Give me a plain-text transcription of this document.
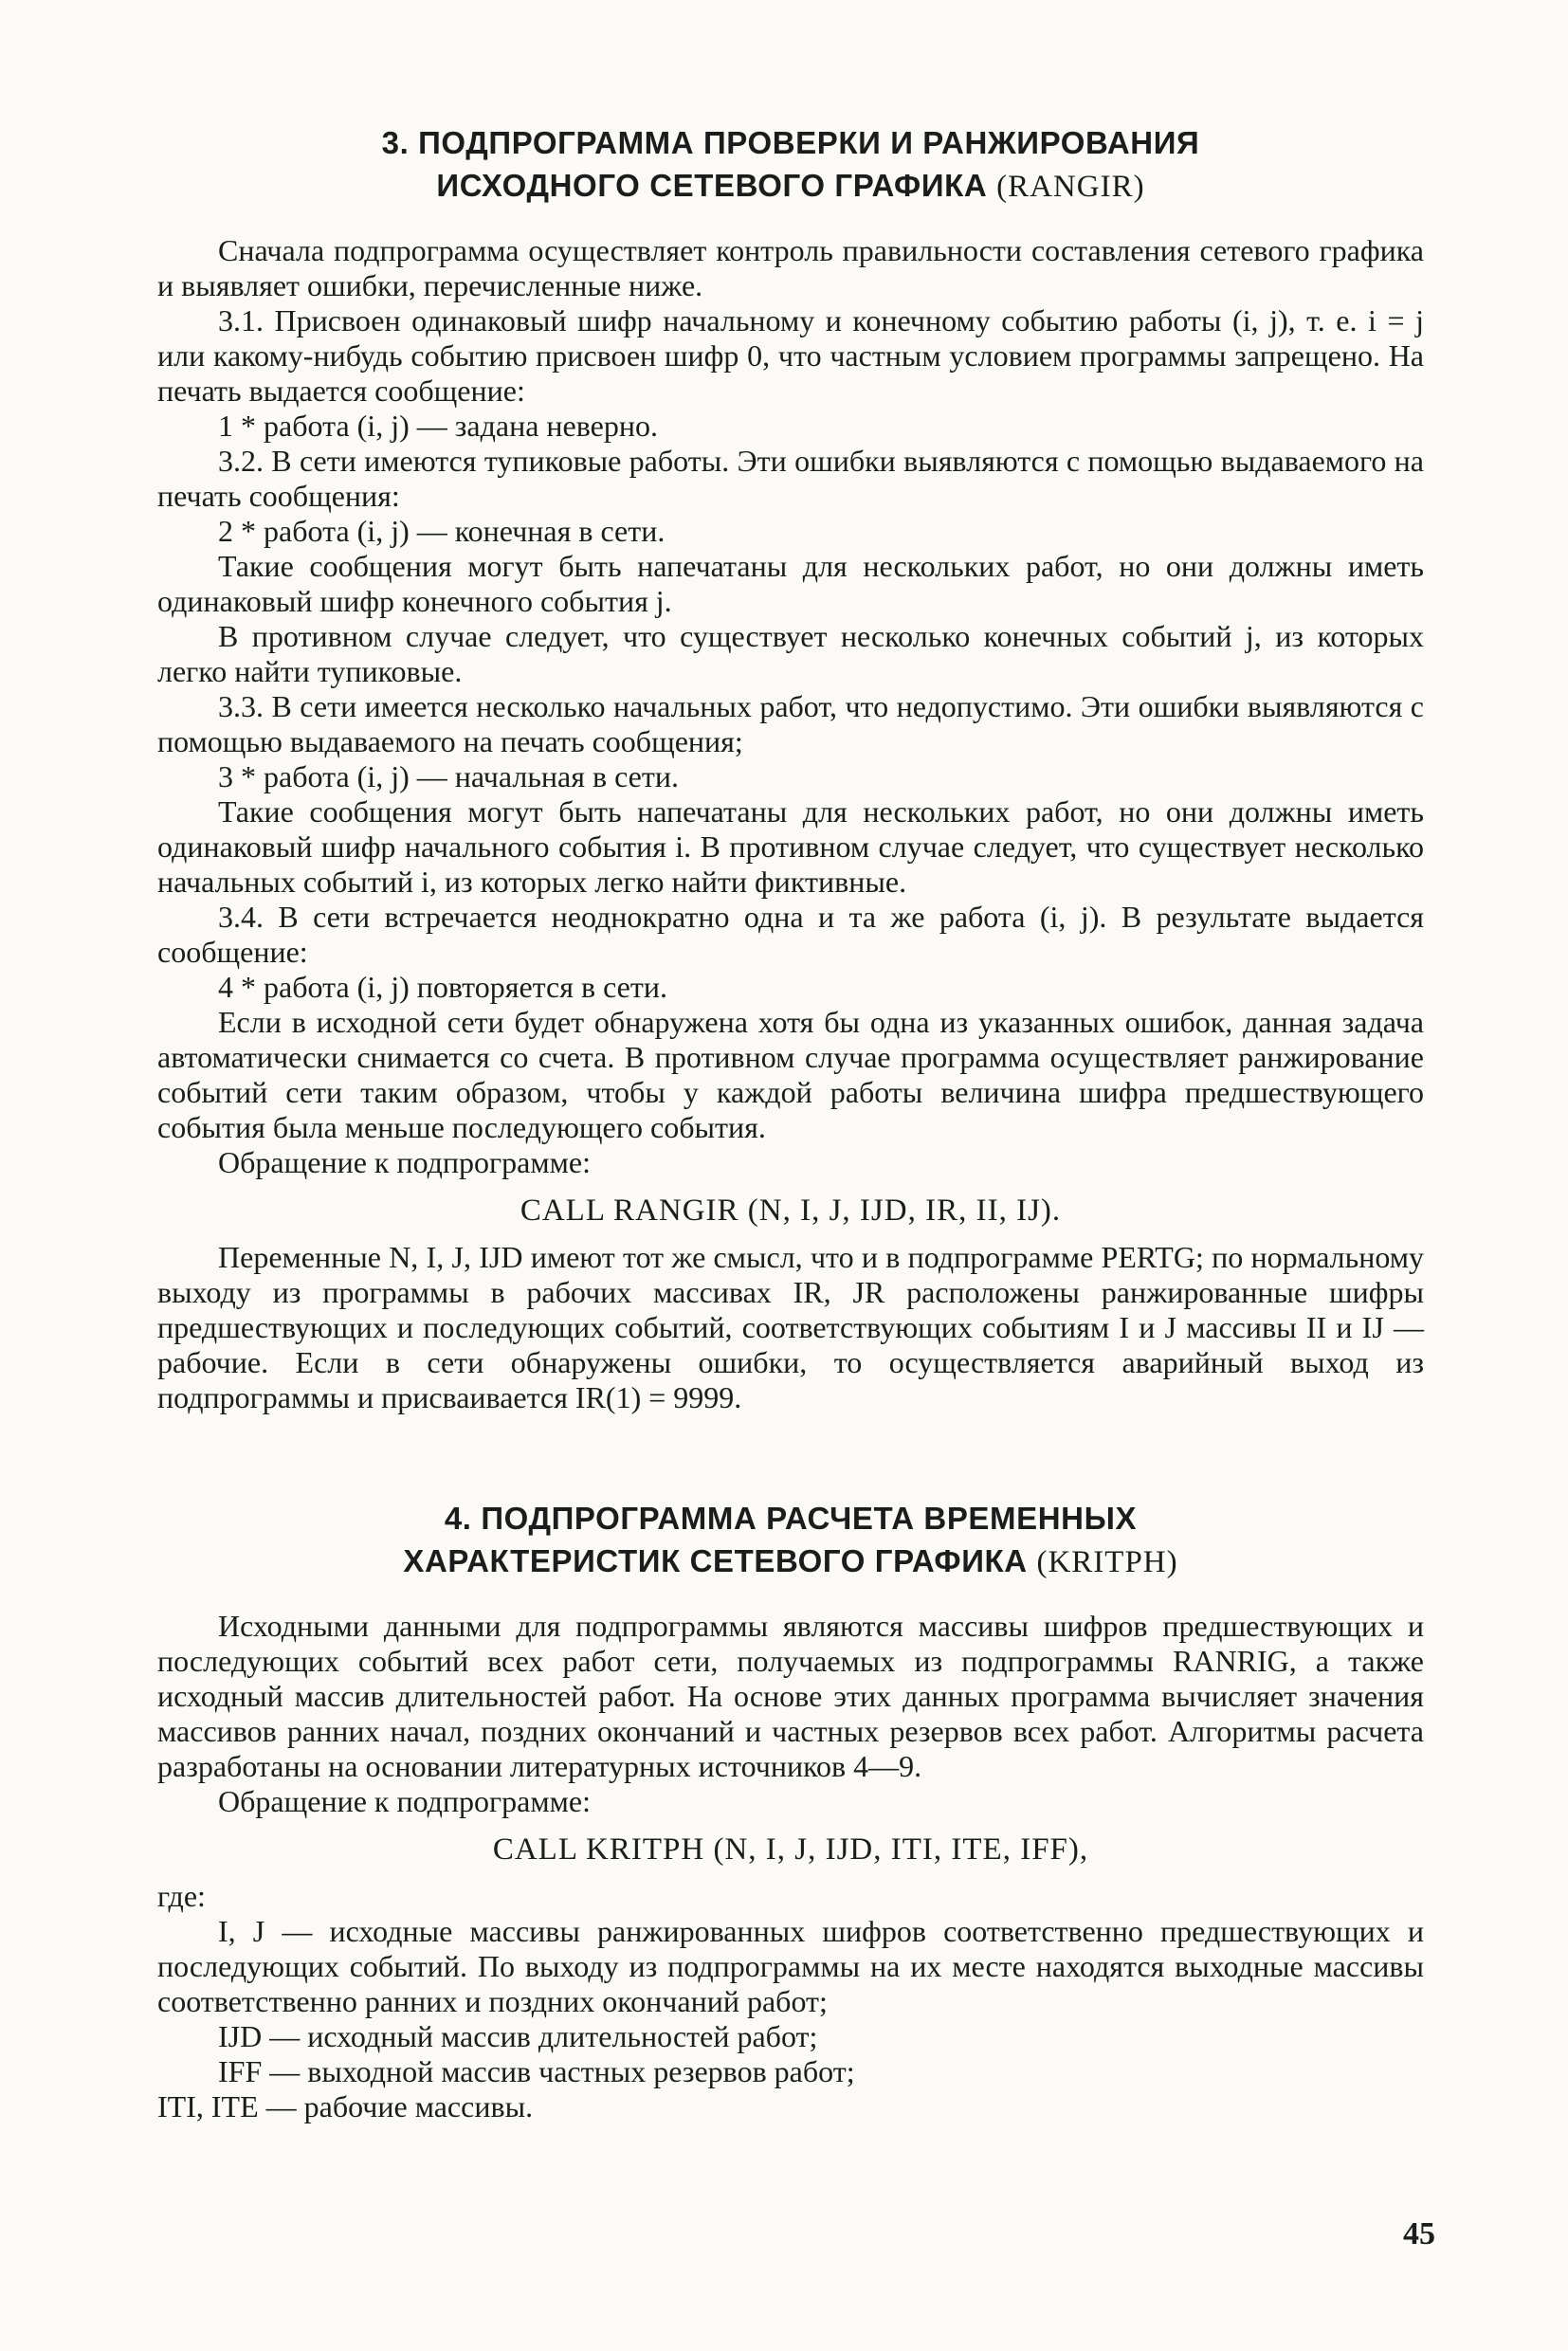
3. ПОДПРОГРАММА ПРОВЕРКИ И РАНЖИРОВАНИЯ
ИСХОДНОГО СЕТЕВОГО ГРАФИКА (RANGIR)

Сначала подпрограмма осуществляет контроль правильности составления сетевого графика и выявляет ошибки, перечисленные ниже.

3.1. Присвоен одинаковый шифр начальному и конечному событию работы (i, j), т. е. i = j или какому-нибудь событию присвоен шифр 0, что частным условием программы запрещено. На печать выдается сообщение:

1 * работа (i, j) — задана неверно.

3.2. В сети имеются тупиковые работы. Эти ошибки выявляются с помощью выдаваемого на печать сообщения:

2 * работа (i, j) — конечная в сети.

Такие сообщения могут быть напечатаны для нескольких работ, но они должны иметь одинаковый шифр конечного события j.

В противном случае следует, что существует несколько конечных событий j, из которых легко найти тупиковые.

3.3. В сети имеется несколько начальных работ, что недопустимо. Эти ошибки выявляются с помощью выдаваемого на печать сообщения;

3 * работа (i, j) — начальная в сети.

Такие сообщения могут быть напечатаны для нескольких работ, но они должны иметь одинаковый шифр начального события i. В противном случае следует, что существует несколько начальных событий i, из которых легко найти фиктивные.

3.4. В сети встречается неоднократно одна и та же работа (i, j). В результате выдается сообщение:

4 * работа (i, j) повторяется в сети.

Если в исходной сети будет обнаружена хотя бы одна из указанных ошибок, данная задача автоматически снимается со счета. В противном случае программа осуществляет ранжирование событий сети таким образом, чтобы у каждой работы величина шифра предшествующего события была меньше последующего события.

Обращение к подпрограмме:

CALL RANGIR (N, I, J, IJD, IR, II, IJ).

Переменные N, I, J, IJD имеют тот же смысл, что и в подпрограмме PERTG; по нормальному выходу из программы в рабочих массивах IR, JR расположены ранжированные шифры предшествующих и последующих событий, соответствующих событиям I и J массивы II и IJ — рабочие. Если в сети обнаружены ошибки, то осуществляется аварийный выход из подпрограммы и присваивается IR(1) = 9999.

4. ПОДПРОГРАММА РАСЧЕТА ВРЕМЕННЫХ
ХАРАКТЕРИСТИК СЕТЕВОГО ГРАФИКА (KRITPH)

Исходными данными для подпрограммы являются массивы шифров предшествующих и последующих событий всех работ сети, получаемых из подпрограммы RANRIG, а также исходный массив длительностей работ. На основе этих данных программа вычисляет значения массивов ранних начал, поздних окончаний и частных резервов всех работ. Алгоритмы расчета разработаны на основании литературных источников 4—9.

Обращение к подпрограмме:

CALL KRITPH (N, I, J, IJD, ITI, ITE, IFF),

где:

I, J — исходные массивы ранжированных шифров соответственно предшествующих и последующих событий. По выходу из подпрограммы на их месте находятся выходные массивы соответственно ранних и поздних окончаний работ;

IJD — исходный массив длительностей работ;

IFF — выходной массив частных резервов работ;

ITI, ITE — рабочие массивы.

45
